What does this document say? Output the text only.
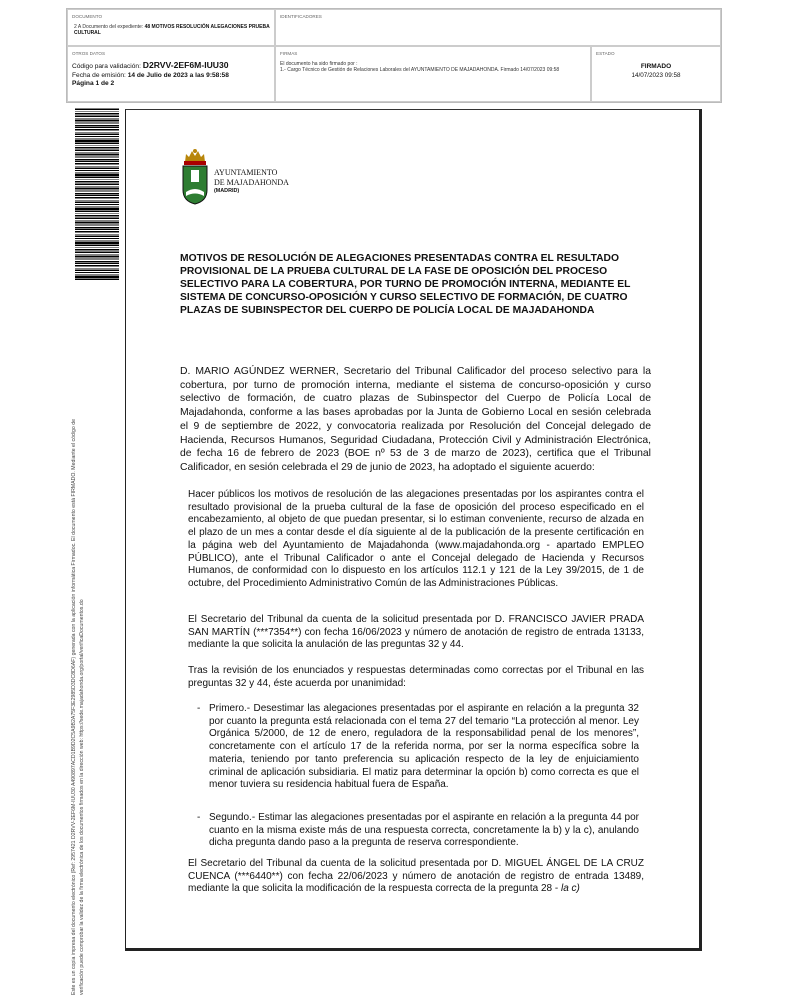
DOCUMENTO
2 A Documento del expediente: 48 MOTIVOS RESOLUCIÓN ALEGACIONES PRUEBA CULTURAL
IDENTIFICADORES
OTROS DATOS
Código para validación: D2RVV-2EF6M-IUU30
Fecha de emisión: 14 de Julio de 2023 a las 9:58:58
Página 1 de 2
FIRMAS
El documento ha sido firmado por :
1.- Cargo Técnico de Gestión de Relaciones Laborales del AYUNTAMIENTO DE MAJADAHONDA. Firmado 14/07/2023 09:58
ESTADO
FIRMADO
14/07/2023 09:58
Este es un copia impresa del documento electrónico (Ref: 2957421 D2RVV-2EF6M-IUU30 A490897ACD1B9D2C5A9B2A75F3E2985D3DC8D6AF) generada con la aplicación informática Firmadoc. El documento está FIRMADO. Mediante el código de verificación puede comprobar la validez de la firma electrónica de los documentos firmados en la dirección web: https://sede.majadahonda.org/portal/verificaDocumentos.do
AYUNTAMIENTO
DE MAJADAHONDA
(MADRID)
MOTIVOS DE RESOLUCIÓN DE ALEGACIONES PRESENTADAS CONTRA EL RESULTADO
PROVISIONAL DE LA PRUEBA CULTURAL DE LA FASE DE OPOSICIÓN DEL PROCESO
SELECTIVO PARA LA COBERTURA, POR TURNO DE PROMOCIÓN INTERNA, MEDIANTE EL
SISTEMA DE CONCURSO-OPOSICIÓN Y CURSO SELECTIVO DE FORMACIÓN, DE CUATRO
PLAZAS DE SUBINSPECTOR DEL CUERPO DE POLICÍA LOCAL DE MAJADAHONDA
D. MARIO AGÚNDEZ WERNER, Secretario del Tribunal Calificador del proceso selectivo para la cobertura, por turno de promoción interna, mediante el sistema de concurso-oposición y curso selectivo de formación, de cuatro plazas de Subinspector del Cuerpo de Policía Local de Majadahonda, conforme a las bases aprobadas por la Junta de Gobierno Local en sesión celebrada el 9 de septiembre de 2022, y convocatoria realizada por Resolución del Concejal delegado de Hacienda, Recursos Humanos, Seguridad Ciudadana, Protección Civil y Administración Electrónica, de fecha 16 de febrero de 2023 (BOE nº 53 de 3 de marzo de 2023), certifica que el Tribunal Calificador, en sesión celebrada el 29 de junio de 2023, ha adoptado el siguiente acuerdo:
Hacer públicos los motivos de resolución de las alegaciones presentadas por los aspirantes contra el resultado provisional de la prueba cultural de la fase de oposición del proceso especificado en el encabezamiento, al objeto de que puedan presentar, si lo estiman conveniente, recurso de alzada en el plazo de un mes a contar desde el día siguiente al de la publicación de la presente certificación en la página web del Ayuntamiento de Majadahonda (www.majadahonda.org - apartado EMPLEO PÚBLICO), ante el Tribunal Calificador o ante el Concejal delegado de Hacienda y Recursos Humanos, de conformidad con lo dispuesto en los artículos 112.1 y 121 de la Ley 39/2015, de 1 de octubre, del Procedimiento Administrativo Común de las Administraciones Públicas.
El Secretario del Tribunal da cuenta de la solicitud presentada por D. FRANCISCO JAVIER PRADA SAN MARTÍN (***7354**) con fecha 16/06/2023 y número de anotación de registro de entrada 13133, mediante la que solicita la anulación de las preguntas 32 y 44.
Tras la revisión de los enunciados y respuestas determinadas como correctas por el Tribunal en las preguntas 32 y 44, éste acuerda por unanimidad:
- Primero.- Desestimar las alegaciones presentadas por el aspirante en relación a la pregunta 32 por cuanto la pregunta está relacionada con el tema 27 del temario “La protección al menor. Ley Orgánica 5/2000, de 12 de enero, reguladora de la responsabilidad penal de los menores”, concretamente con el artículo 17 de la referida norma, por ser la norma específica sobre la materia, teniendo por tanto preferencia su aplicación respecto de la ley de enjuiciamiento criminal de aplicación subsidiaria. El matiz para determinar la opción b) como correcta es que el menor tuviera su residencia habitual fuera de España.
- Segundo.- Estimar las alegaciones presentadas por el aspirante en relación a la pregunta 44 por cuanto en la misma existe más de una respuesta correcta, concretamente la b) y la c), anulando dicha pregunta dando paso a la pregunta de reserva correspondiente.
El Secretario del Tribunal da cuenta de la solicitud presentada por D. MIGUEL ÁNGEL DE LA CRUZ CUENCA (***6440**) con fecha 22/06/2023 y número de anotación de registro de entrada 13489, mediante la que solicita la modificación de la respuesta correcta de la pregunta 28 - la c)
